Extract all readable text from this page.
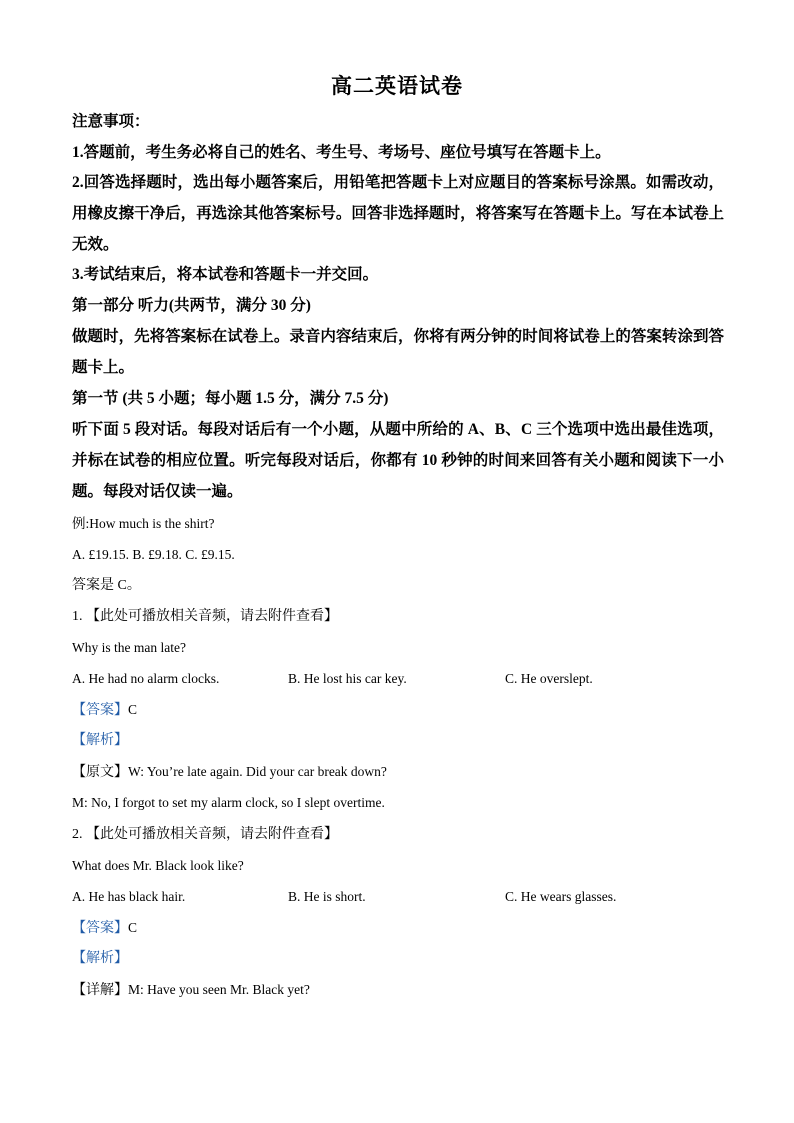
高二英语试卷
注意事项：
1.答题前，考生务必将自己的姓名、考生号、考场号、座位号填写在答题卡上。
2.回答选择题时，选出每小题答案后，用铅笔把答题卡上对应题目的答案标号涂黑。如需改动，用橡皮擦干净后，再选涂其他答案标号。回答非选择题时，将答案写在答题卡上。写在本试卷上无效。
3.考试结束后，将本试卷和答题卡一并交回。
第一部分 听力(共两节，满分 30 分)
做题时，先将答案标在试卷上。录音内容结束后，你将有两分钟的时间将试卷上的答案转涂到答题卡上。
第一节 (共 5 小题；每小题 1.5 分，满分 7.5 分)
听下面 5 段对话。每段对话后有一个小题，从题中所给的 A、B、C 三个选项中选出最佳选项，并标在试卷的相应位置。听完每段对话后，你都有 10 秒钟的时间来回答有关小题和阅读下一小题。每段对话仅读一遍。
例:How much is the shirt?
A. £19.15. B. £9.18. C. £9.15.
答案是 C。
1. 【此处可播放相关音频，请去附件查看】
Why is the man late?
A. He had no alarm clocks.	B. He lost his car key.	C. He overslept.
【答案】C
【解析】
【原文】W: You’re late again. Did your car break down?
M: No, I forgot to set my alarm clock, so I slept overtime.
2. 【此处可播放相关音频，请去附件查看】
What does Mr. Black look like?
A. He has black hair.	B. He is short.	C. He wears glasses.
【答案】C
【解析】
【详解】M: Have you seen Mr. Black yet?
